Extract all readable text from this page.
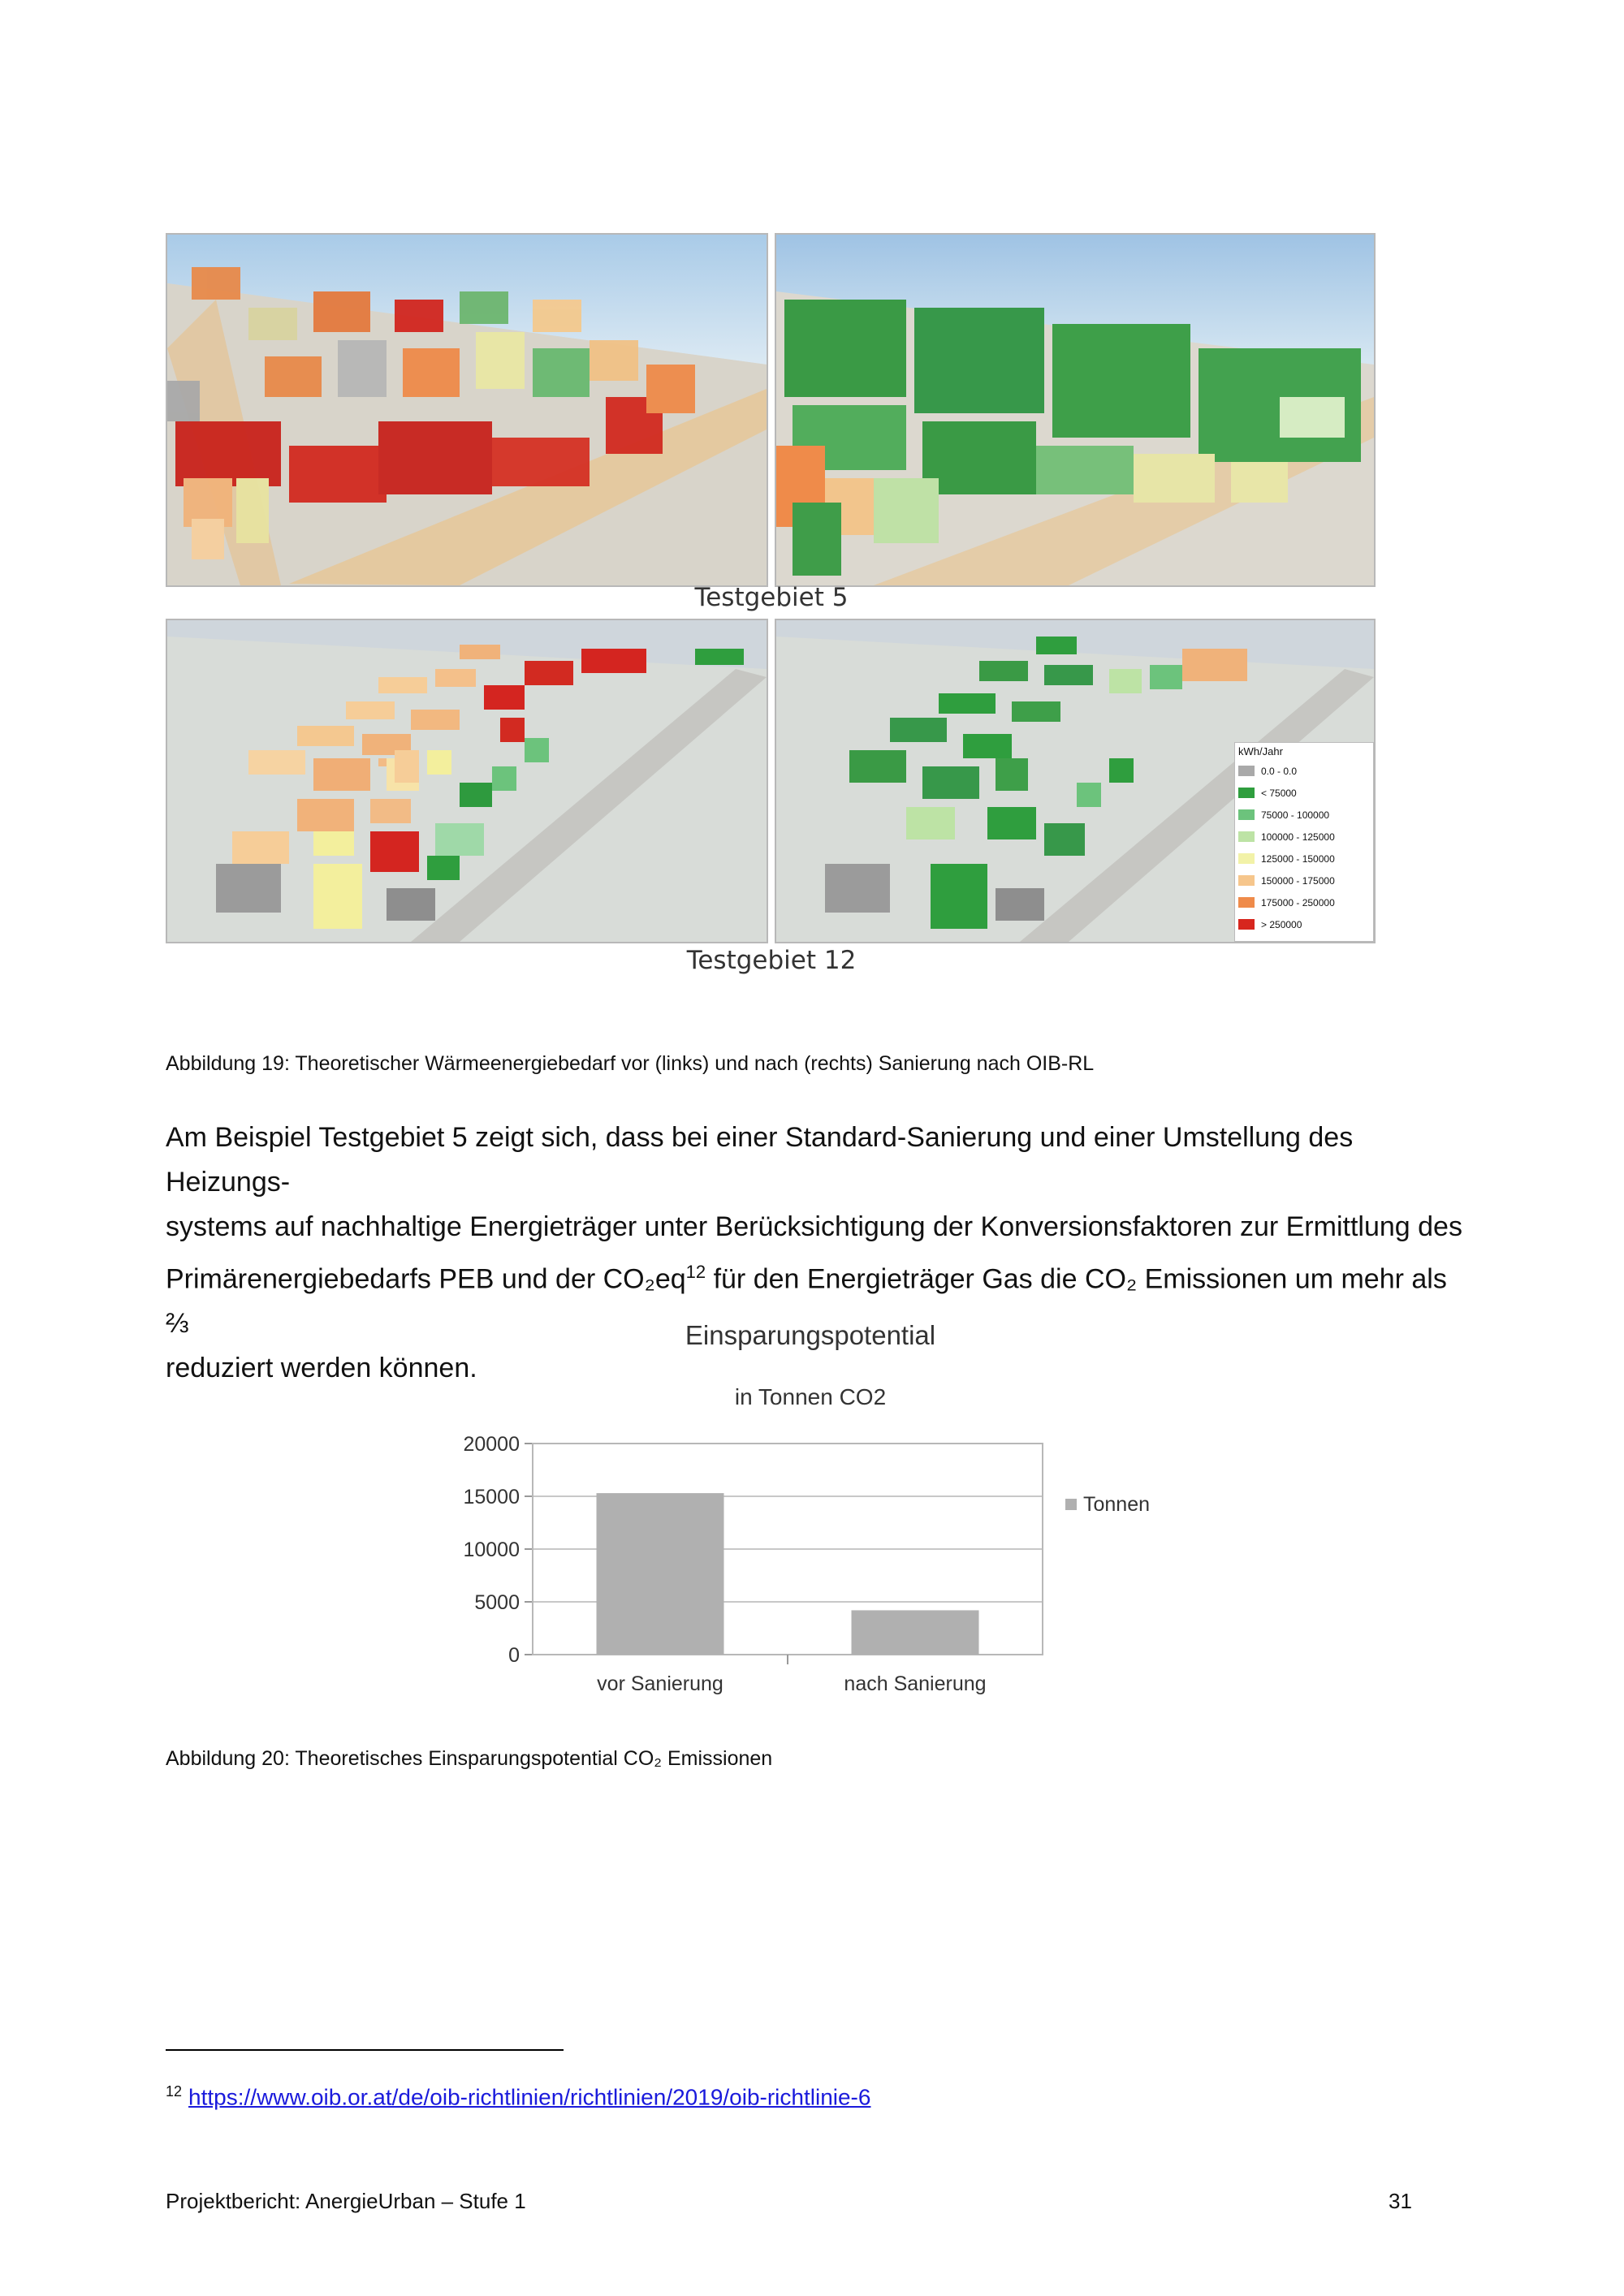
Testgebiet 5
kWh/Jahr
0.0 - 0.0
< 75000
75000 - 100000
100000 - 125000
125000 - 150000
150000 - 175000
175000 - 250000
> 250000
Testgebiet 12
Abbildung 19: Theoretischer Wärmeenergiebedarf vor (links) und nach (rechts) Sanierung nach OIB-RL

Am Beispiel Testgebiet 5 zeigt sich, dass bei einer Standard-Sanierung und einer Umstellung des Heizungs-

systems auf nachhaltige Energieträger unter Berücksichtigung der Konversionsfaktoren zur Ermittlung des

Primärenergiebedarfs PEB und der $CO_2eq^{12}$ für den Energieträger Gas die CO₂ Emissionen um mehr als ⅔

reduziert werden können.

Einsparungspotential
in Tonnen CO2
0
5000
10000
15000
20000
vor Sanierung	nach Sanierung
Tonnen
Abbildung 20: Theoretisches Einsparungspotential CO₂ Emissionen
$^{12}$ https://www.oib.or.at/de/oib-richtlinien/richtlinien/2019/oib-richtlinie-6
Projektbericht: AnergieUrban – Stufe 1	31
